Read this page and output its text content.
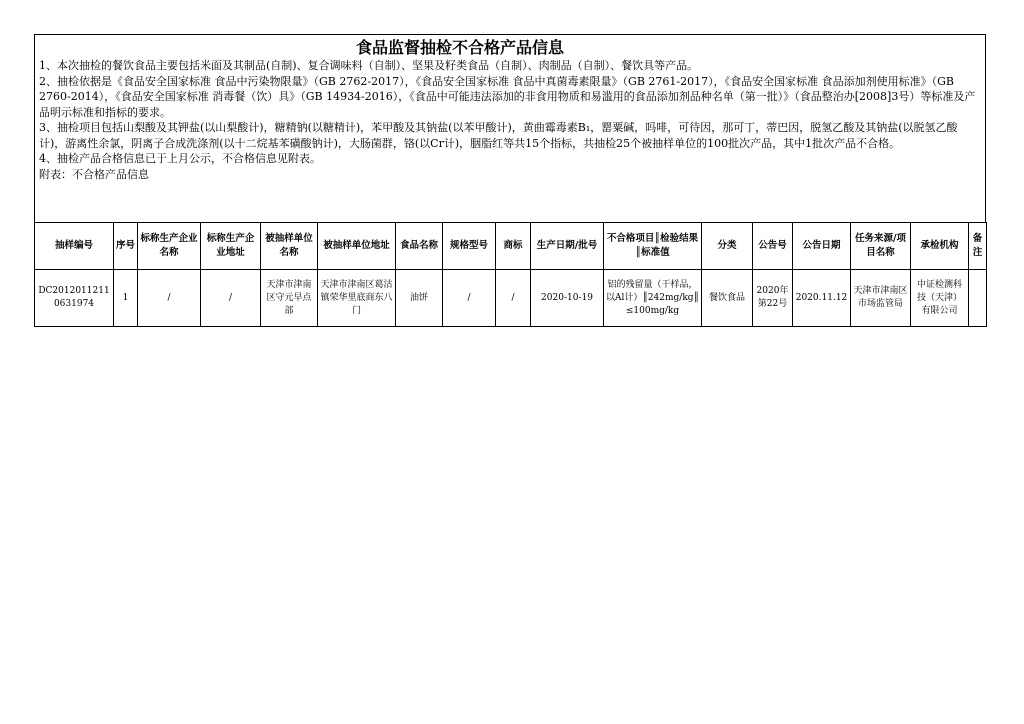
食品监督抽检不合格产品信息

1、本次抽检的餐饮食品主要包括米面及其制品(自制)、复合调味料（自制）、坚果及籽类食品（自制）、肉制品（自制）、餐饮具等产品。

2、抽检依据是《食品安全国家标准 食品中污染物限量》（GB 2762-2017），《食品安全国家标准 食品中真菌毒素限量》（GB 2761-2017），《食品安全国家标准 食品添加剂使用标准》（GB 2760-2014），《食品安全国家标准 消毒餐（饮）具》（GB 14934-2016），《食品中可能违法添加的非食用物质和易滥用的食品添加剂品种名单（第一批）》（食品整治办[2008]3号）等标准及产品明示标准和指标的要求。

3、抽检项目包括山梨酸及其钾盐(以山梨酸计)，糖精钠(以糖精计)，苯甲酸及其钠盐(以苯甲酸计)，黄曲霉毒素B₁，罂粟碱，吗啡，可待因，那可丁，蒂巴因，脱氢乙酸及其钠盐(以脱氢乙酸计)，游离性余氯，阴离子合成洗涤剂(以十二烷基苯磺酸钠计)，大肠菌群，铬(以Cr计)，胭脂红等共15个指标，共抽检25个被抽样单位的100批次产品，其中1批次产品不合格。

4、抽检产品合格信息已于上月公示，不合格信息见附表。

附表：不合格产品信息

抽样编号	序号	标称生产企业名称	标称生产企业地址	被抽样单位名称	被抽样单位地址	食品名称	规格型号	商标	生产日期/批号	不合格项目║检验结果║标准值	分类	公告号	公告日期	任务来源/项目名称	承检机构	备注
DC20120112110631974	1	/	/	天津市津南区守元早点部	天津市津南区葛沽镇荣华里底商东八门	油饼	/	/	2020-10-19	铝的残留量（干样品，以Al计）║242mg/kg║≤100mg/kg	餐饮食品	2020年第22号	2020.11.12	天津市津南区市场监管局	中证检测科技（天津）有限公司	
